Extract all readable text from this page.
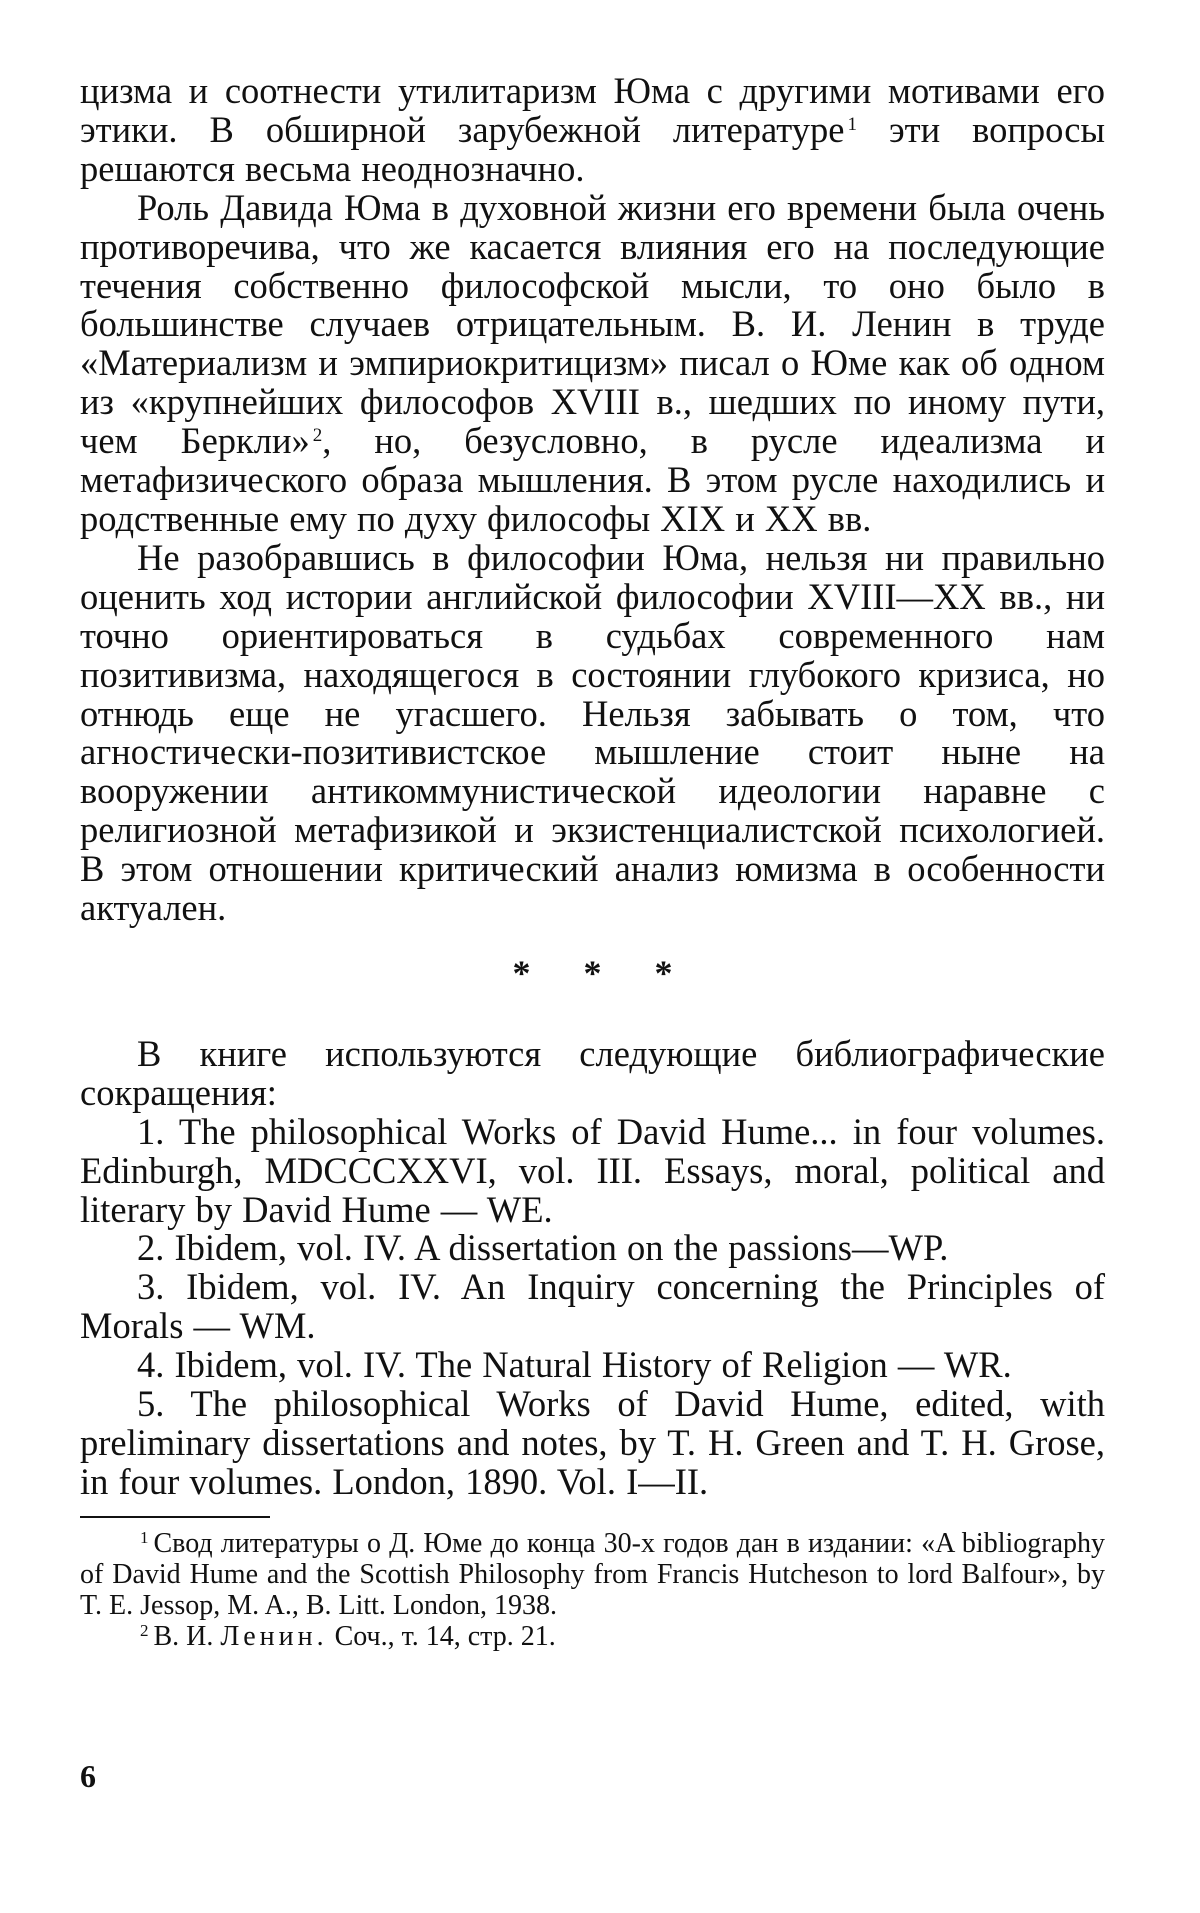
цизма и соотнести утилитаризм Юма с другими мотивами его этики. В обширной зарубежной литературе $^1$ эти вопросы решаются весьма неоднозначно.

Роль Давида Юма в духовной жизни его времени была очень противоречива, что же касается влияния его на последующие течения собственно философской мысли, то оно было в большинстве случаев отрицательным. В. И. Ленин в труде «Материализм и эмпириокритицизм» писал о Юме как об одном из «крупнейших философов XVIII в., шедших по иному пути, чем Беркли» $^2$, но, безусловно, в русле идеализма и метафизического образа мышления. В этом русле находились и родственные ему по духу философы XIX и XX вв.

Не разобравшись в философии Юма, нельзя ни правильно оценить ход истории английской философии XVIII—XX вв., ни точно ориентироваться в судьбах современного нам позитивизма, находящегося в состоянии глубокого кризиса, но отнюдь еще не угасшего. Нельзя забывать о том, что агностически-позитивистское мышление стоит ныне на вооружении антикоммунистической идеологии наравне с религиозной метафизикой и экзистенциалистской психологией. В этом отношении критический анализ юмизма в особенности актуален.

* * *

В книге используются следующие библиографические сокращения:

1. The philosophical Works of David Hume... in four volumes. Edinburgh, MDCCCXXVI, vol. III. Essays, moral, political and literary by David Hume — WE.

2. Ibidem, vol. IV. A dissertation on the passions—WP.

3. Ibidem, vol. IV. An Inquiry concerning the Principles of Morals — WM.

4. Ibidem, vol. IV. The Natural History of Religion — WR.

5. The philosophical Works of David Hume, edited, with preliminary dissertations and notes, by T. H. Green and T. H. Grose, in four volumes. London, 1890. Vol. I—II.

$^1$ Свод литературы о Д. Юме до конца 30-х годов дан в издании: «A bibliography of David Hume and the Scottish Philosophy from Francis Hutcheson to lord Balfour», by T. E. Jessop, M. A., B. Litt. London, 1938.

$^2$ В. И. Ленин. Соч., т. 14, стр. 21.

6
